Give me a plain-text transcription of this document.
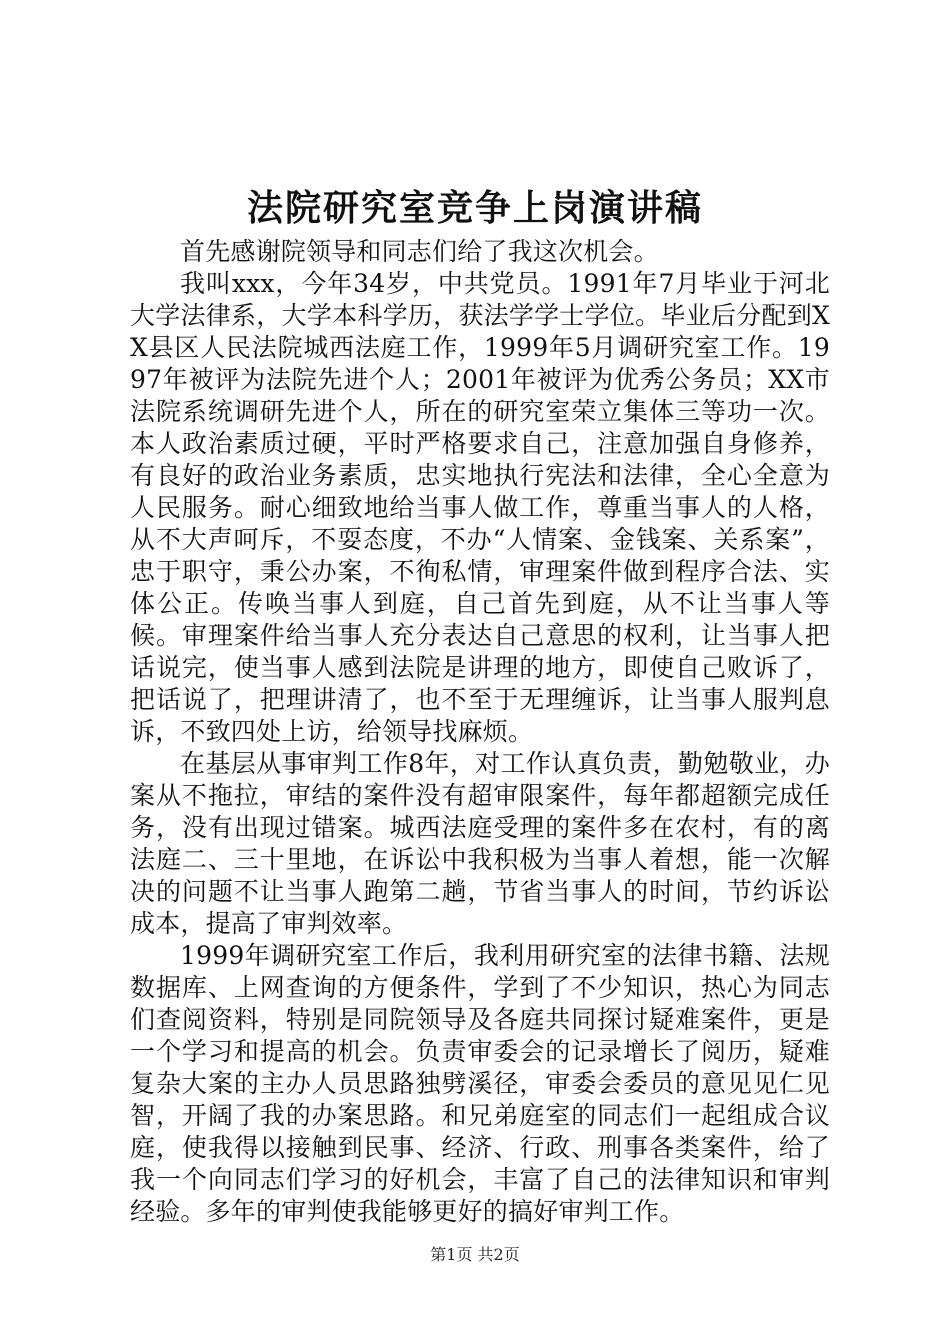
法院研究室竞争上岗演讲稿

首先感谢院领导和同志们给了我这次机会。

我叫xxx，今年34岁，中共党员。1991年7月毕业于河北大学法律系，大学本科学历，获法学学士学位。毕业后分配到XX县区人民法院城西法庭工作，1999年5月调研究室工作。1997年被评为法院先进个人；2001年被评为优秀公务员；XX市法院系统调研先进个人，所在的研究室荣立集体三等功一次。本人政治素质过硬，平时严格要求自己，注意加强自身修养，有良好的政治业务素质，忠实地执行宪法和法律，全心全意为人民服务。耐心细致地给当事人做工作，尊重当事人的人格，从不大声呵斥，不耍态度，不办“人情案、金钱案、关系案”，忠于职守，秉公办案，不徇私情，审理案件做到程序合法、实体公正。传唤当事人到庭，自己首先到庭，从不让当事人等候。审理案件给当事人充分表达自己意思的权利，让当事人把话说完，使当事人感到法院是讲理的地方，即使自己败诉了，把话说了，把理讲清了，也不至于无理缠诉，让当事人服判息诉，不致四处上访，给领导找麻烦。

在基层从事审判工作8年，对工作认真负责，勤勉敬业，办案从不拖拉，审结的案件没有超审限案件，每年都超额完成任务，没有出现过错案。城西法庭受理的案件多在农村，有的离法庭二、三十里地，在诉讼中我积极为当事人着想，能一次解决的问题不让当事人跑第二趟，节省当事人的时间，节约诉讼成本，提高了审判效率。

1999年调研究室工作后，我利用研究室的法律书籍、法规数据库、上网查询的方便条件，学到了不少知识，热心为同志们查阅资料，特别是同院领导及各庭共同探讨疑难案件，更是一个学习和提高的机会。负责审委会的记录增长了阅历，疑难复杂大案的主办人员思路独劈溪径，审委会委员的意见见仁见智，开阔了我的办案思路。和兄弟庭室的同志们一起组成合议庭，使我得以接触到民事、经济、行政、刑事各类案件，给了我一个向同志们学习的好机会，丰富了自己的法律知识和审判经验。多年的审判使我能够更好的搞好审判工作。

第1页 共2页
